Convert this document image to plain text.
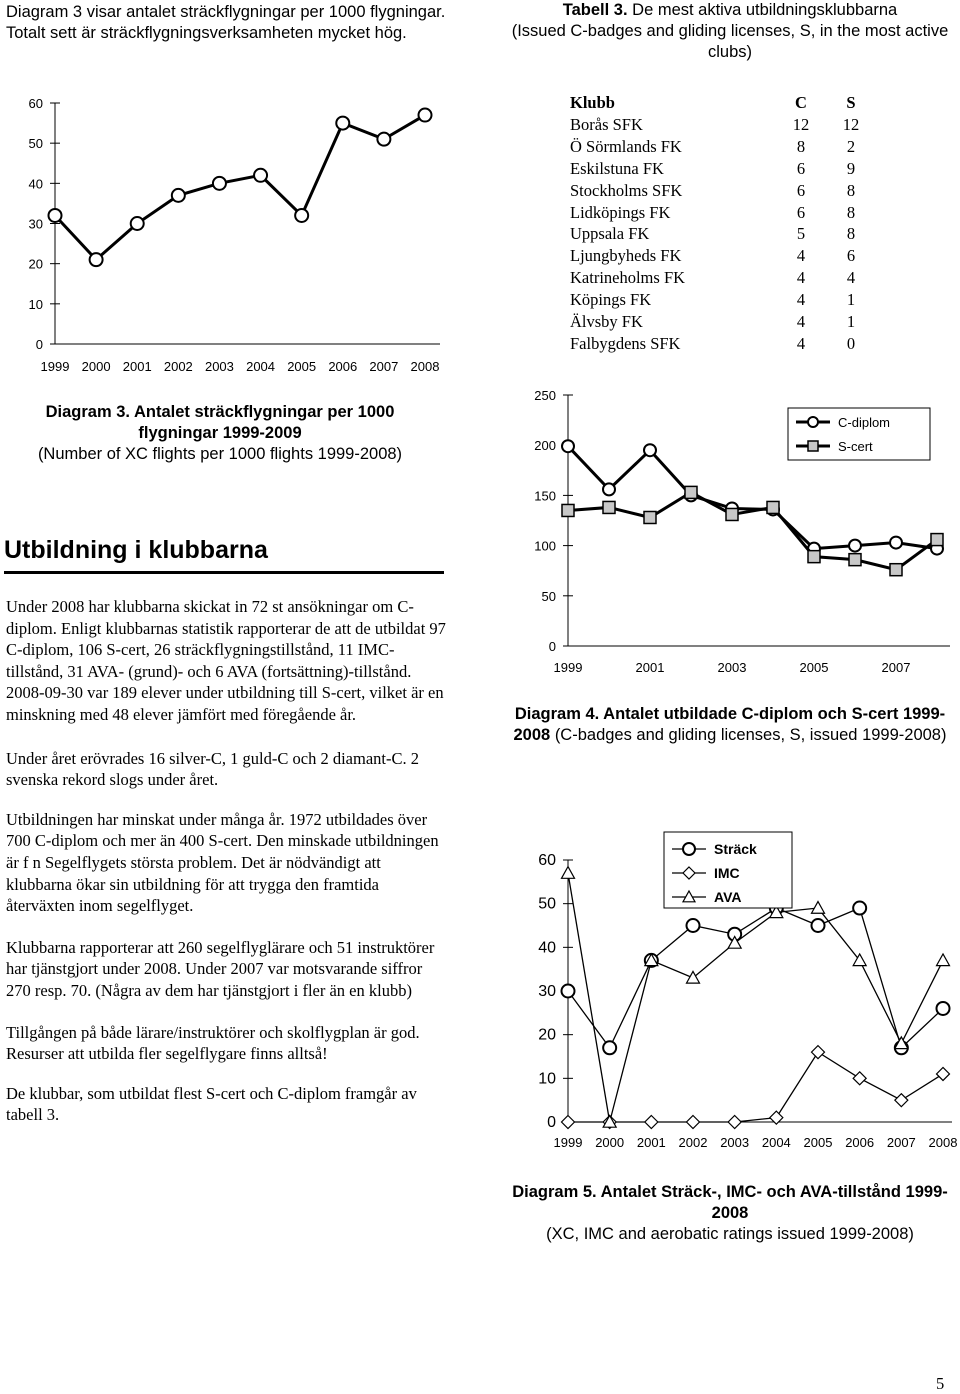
Diagram 3 visar antalet sträckflygningar per 1000 flygningar. Totalt sett är sträckflygningsverksamheten mycket hög.
Tabell 3. De mest aktiva utbildningsklubbarna
(Issued C-badges and gliding licenses, S, in the most active clubs)
Klubb	C	S
Borås SFK	12	12
Ö Sörmlands FK	8	2
Eskilstuna FK	6	9
Stockholms SFK	6	8
Lidköpings FK	6	8
Uppsala FK	5	8
Ljungbyheds FK	4	6
Katrineholms FK	4	4
Köpings FK	4	1
Älvsby FK	4	1
Falbygdens SFK	4	0
0
10
20
30
40
50
60
1999 2000 2001 2002 2003 2004 2005 2006 2007 2008
Diagram 3. Antalet sträckflygningar per 1000 flygningar 1999-2009
(Number of XC flights per 1000 flights 1999-2008)
0
50
100
150
200
250
1999	2001	2003	2005	2007
C-diplom
S-cert
Diagram 4. Antalet utbildade C-diplom och S-cert 1999-2008 (C-badges and gliding licenses, S, issued 1999-2008)
0
10
20
30
40
50
60
1999 2000 2001 2002 2003 2004 2005 2006 2007 2008
Sträck
IMC
AVA
Diagram 5. Antalet Sträck-, IMC- och AVA-tillstånd 1999-2008
(XC, IMC and aerobatic ratings issued 1999-2008)
Utbildning i klubbarna

Under 2008 har klubbarna skickat in 72 st ansökningar om C-diplom. Enligt klubbarnas statistik rapporterar de att de utbildat 97 C-diplom, 106 S-cert, 26 sträckflygningstillstånd, 11 IMC-tillstånd, 31 AVA- (grund)- och 6 AVA (fortsättning)-tillstånd. 2008-09-30 var 189 elever under utbildning till S-cert, vilket är en minskning med 48 elever jämfört med föregående år.

Under året erövrades 16 silver-C, 1 guld-C och 2 diamant-C. 2 svenska rekord slogs under året.

Utbildningen har minskat under många år. 1972 utbildades över 700 C-diplom och mer än 400 S-cert. Den minskade utbildningen är f n Segelflygets största problem. Det är nödvändigt att klubbarna ökar sin utbildning för att trygga den framtida återväxten inom segelflyget.

Klubbarna rapporterar att 260 segelflyglärare och 51 instruktörer har tjänstgjort under 2008. Under 2007 var motsvarande siffror 270 resp. 70. (Några av dem har tjänstgjort i fler än en klubb)

Tillgången på både lärare/instruktörer och skolflygplan är god. Resurser att utbilda fler segelflygare finns alltså!

De klubbar, som utbildat flest S-cert och C-diplom framgår av tabell 3.

5
